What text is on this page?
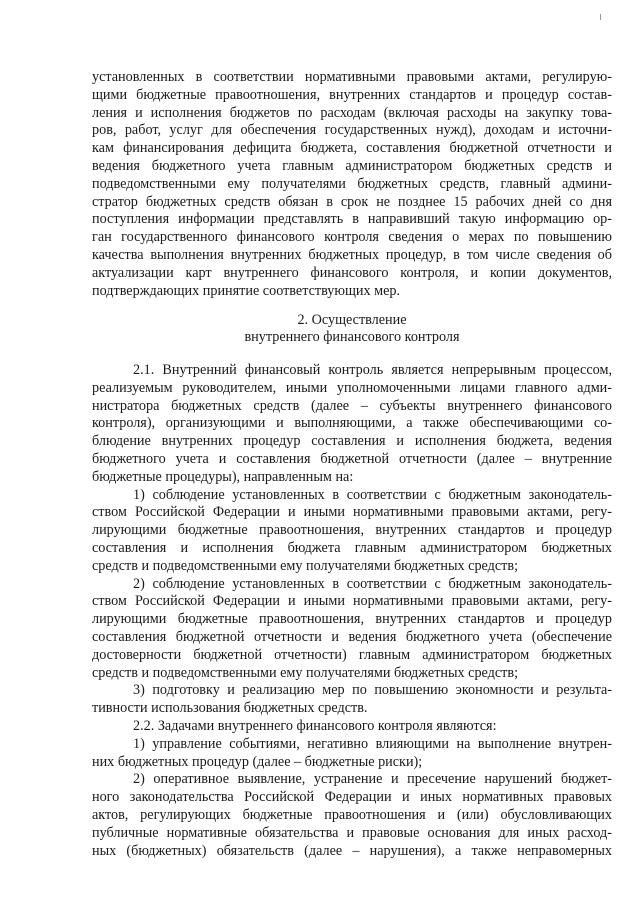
установленных в соответствии нормативными правовыми актами, регулирую-
щими бюджетные правоотношения, внутренних стандартов и процедур состав-
ления и исполнения бюджетов по расходам (включая расходы на закупку това-
ров, работ, услуг для обеспечения государственных нужд), доходам и источни-
кам финансирования дефицита бюджета, составления бюджетной отчетности и
ведения бюджетного учета главным администратором бюджетных средств и
подведомственными ему получателями бюджетных средств, главный админи-
стратор бюджетных средств обязан в срок не позднее 15 рабочих дней со дня
поступления информации представлять в направивший такую информацию ор-
ган государственного финансового контроля сведения о мерах по повышению
качества выполнения внутренних бюджетных процедур, в том числе сведения об
актуализации карт внутреннего финансового контроля, и копии документов,
подтверждающих принятие соответствующих мер.
2. Осуществление
внутреннего финансового контроля
2.1. Внутренний финансовый контроль является непрерывным процессом,
реализуемым руководителем, иными уполномоченными лицами главного адми-
нистратора бюджетных средств (далее – субъекты внутреннего финансового
контроля), организующими и выполняющими, а также обеспечивающими со-
блюдение внутренних процедур составления и исполнения бюджета, ведения
бюджетного учета и составления бюджетной отчетности (далее – внутренние
бюджетные процедуры), направленным на:
1) соблюдение установленных в соответствии с бюджетным законодатель-
ством Российской Федерации и иными нормативными правовыми актами, регу-
лирующими бюджетные правоотношения, внутренних стандартов и процедур
составления и исполнения бюджета главным администратором бюджетных
средств и подведомственными ему получателями бюджетных средств;
2) соблюдение установленных в соответствии с бюджетным законодатель-
ством Российской Федерации и иными нормативными правовыми актами, регу-
лирующими бюджетные правоотношения, внутренних стандартов и процедур
составления бюджетной отчетности и ведения бюджетного учета (обеспечение
достоверности бюджетной отчетности) главным администратором бюджетных
средств и подведомственными ему получателями бюджетных средств;
3) подготовку и реализацию мер по повышению экономности и результа-
тивности использования бюджетных средств.
2.2. Задачами внутреннего финансового контроля являются:
1) управление событиями, негативно влияющими на выполнение внутрен-
них бюджетных процедур (далее – бюджетные риски);
2) оперативное выявление, устранение и пресечение нарушений бюджет-
ного законодательства Российской Федерации и иных нормативных правовых
актов, регулирующих бюджетные правоотношения и (или) обусловливающих
публичные нормативные обязательства и правовые основания для иных расход-
ных (бюджетных) обязательств (далее – нарушения), а также неправомерных
